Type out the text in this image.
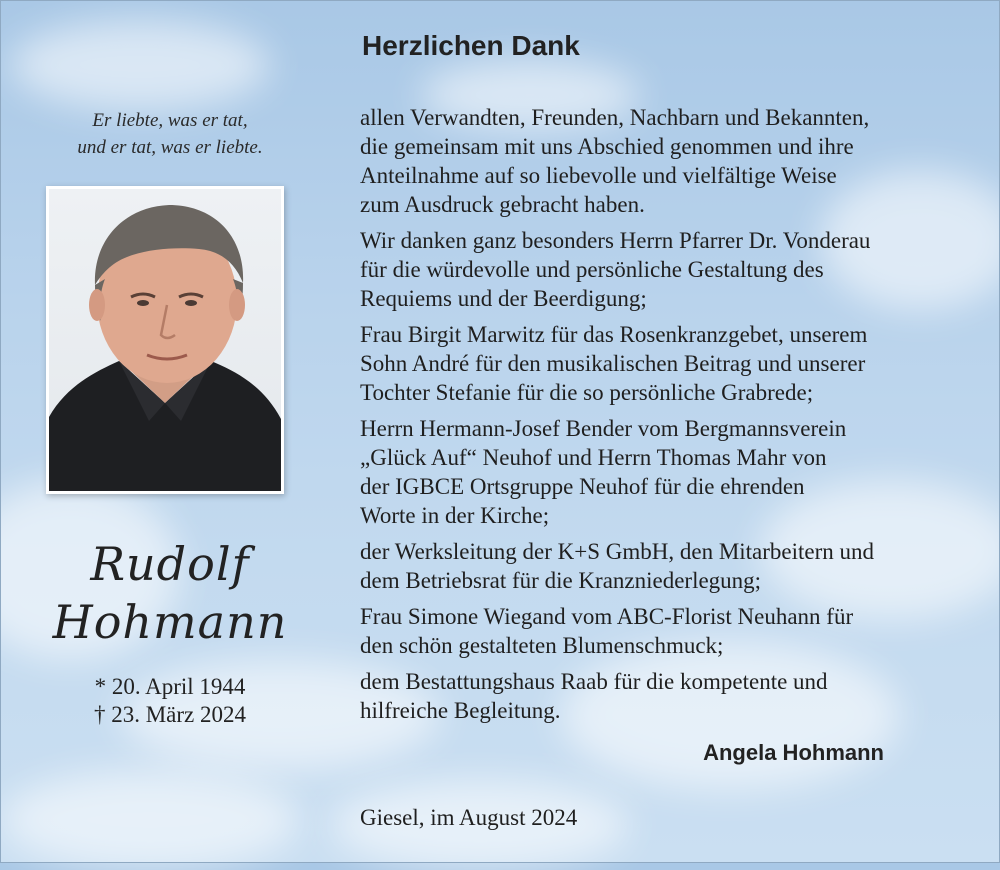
Er liebte, was er tat,
und er tat, was er liebte.
Rudolf
Hohmann
* 20. April 1944
† 23. März 2024
Herzlichen Dank
allen Verwandten, Freunden, Nachbarn und Bekannten,
die gemeinsam mit uns Abschied genommen und ihre
Anteilnahme auf so liebevolle und vielfältige Weise
zum Ausdruck gebracht haben.
Wir danken ganz besonders Herrn Pfarrer Dr. Vonderau
für die würdevolle und persönliche Gestaltung des
Requiems und der Beerdigung;
Frau Birgit Marwitz für das Rosenkranzgebet, unserem
Sohn André für den musikalischen Beitrag und unserer
Tochter Stefanie für die so persönliche Grabrede;
Herrn Hermann-Josef Bender vom Bergmannsverein
„Glück Auf“ Neuhof und Herrn Thomas Mahr von
der IGBCE Ortsgruppe Neuhof für die ehrenden
Worte in der Kirche;
der Werksleitung der K+S GmbH, den Mitarbeitern und
dem Betriebsrat für die Kranzniederlegung;
Frau Simone Wiegand vom ABC-Florist Neuhann für
den schön gestalteten Blumenschmuck;
dem Bestattungshaus Raab für die kompetente und
hilfreiche Begleitung.
Angela Hohmann
Giesel, im August 2024
